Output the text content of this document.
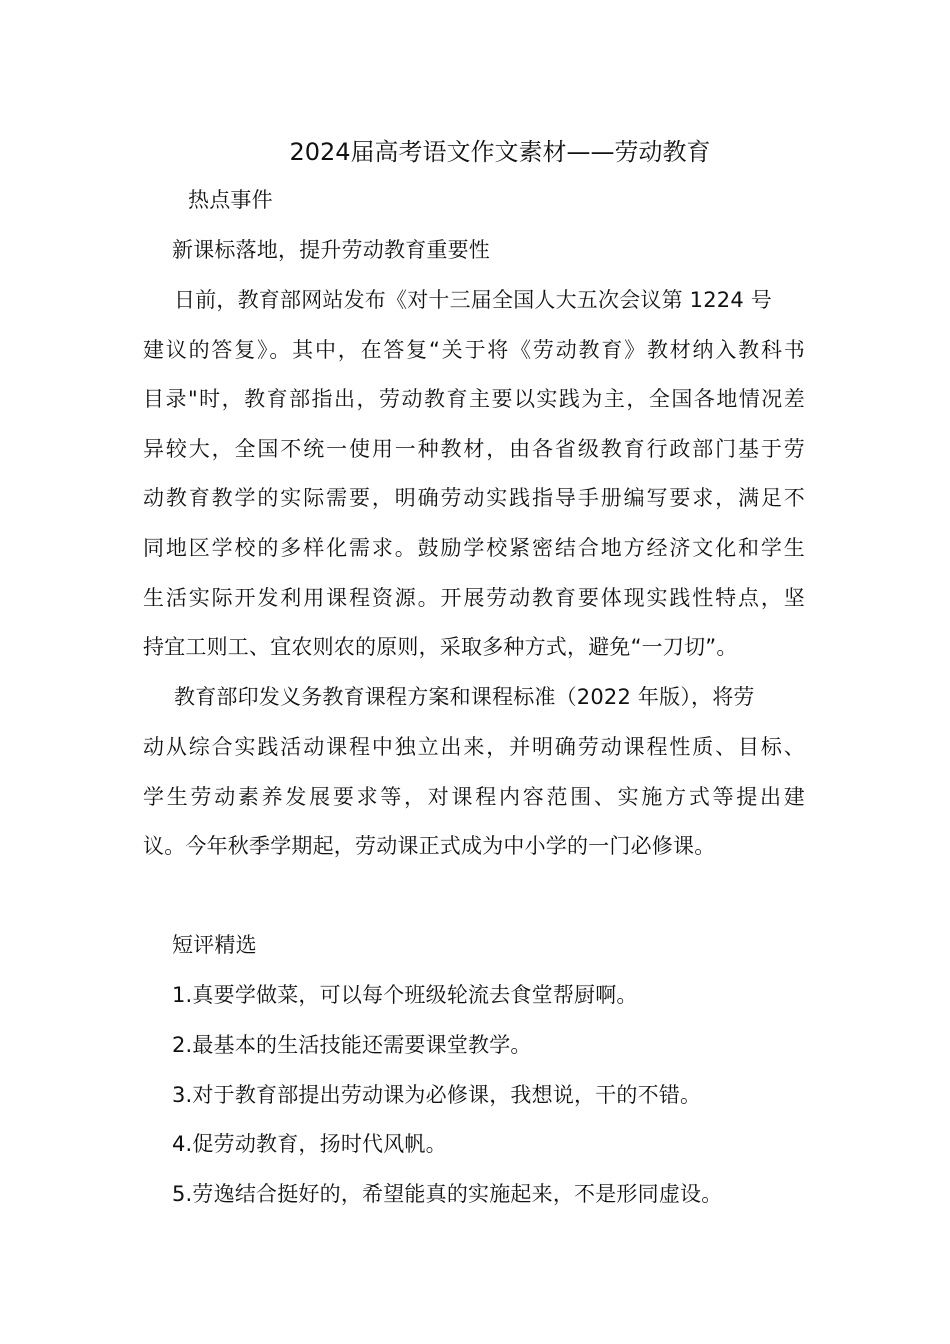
2024届高考语文作文素材——劳动教育
热点事件
新课标落地，提升劳动教育重要性
日前，教育部网站发布《对十三届全国人大五次会议第 1224 号
建议的答复》。其中，在答复“关于将《劳动教育》教材纳入教科书
目录"时，教育部指出，劳动教育主要以实践为主，全国各地情况差
异较大，全国不统一使用一种教材，由各省级教育行政部门基于劳
动教育教学的实际需要，明确劳动实践指导手册编写要求，满足不
同地区学校的多样化需求。鼓励学校紧密结合地方经济文化和学生
生活实际开发利用课程资源。开展劳动教育要体现实践性特点，坚
持宜工则工、宜农则农的原则，采取多种方式，避免“一刀切”。
教育部印发义务教育课程方案和课程标准（2022 年版），将劳
动从综合实践活动课程中独立出来，并明确劳动课程性质、目标、
学生劳动素养发展要求等，对课程内容范围、实施方式等提出建
议。今年秋季学期起，劳动课正式成为中小学的一门必修课。
短评精选
1.真要学做菜，可以每个班级轮流去食堂帮厨啊。
2.最基本的生活技能还需要课堂教学。
3.对于教育部提出劳动课为必修课，我想说，干的不错。
4.促劳动教育，扬时代风帆。
5.劳逸结合挺好的，希望能真的实施起来，不是形同虚设。
